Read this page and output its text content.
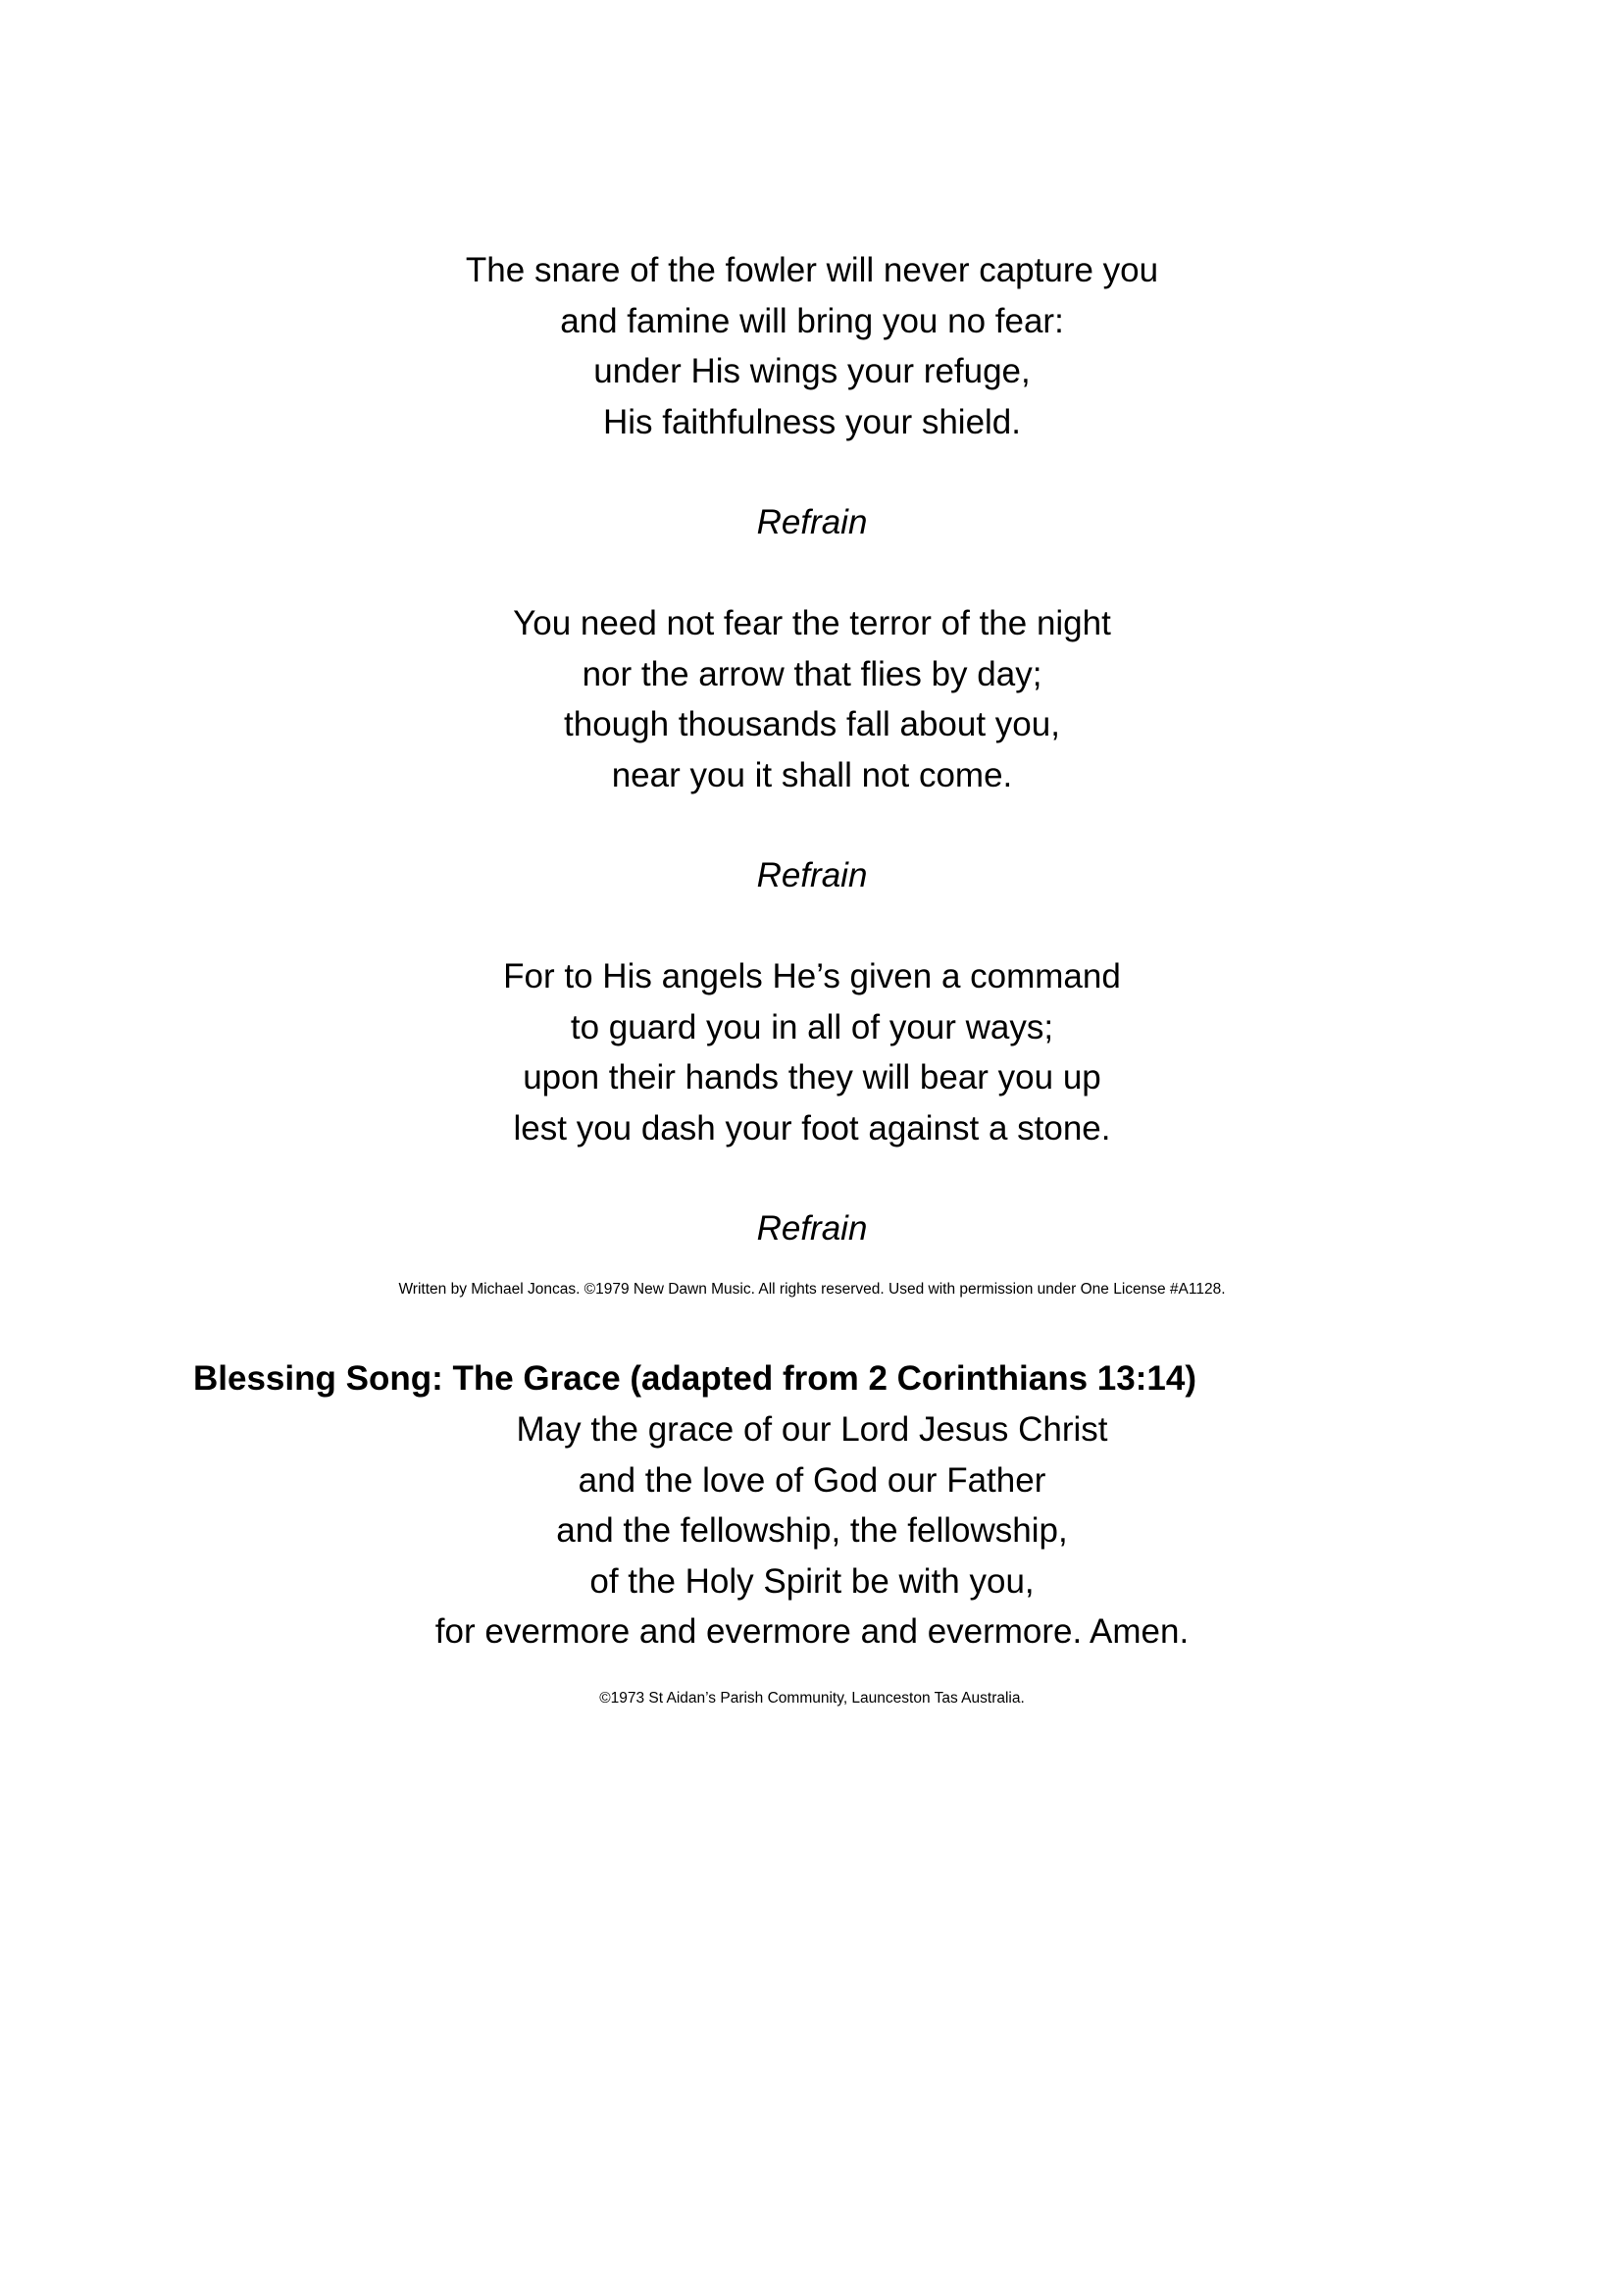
The snare of the fowler will never capture you
and famine will bring you no fear:
under His wings your refuge,
His faithfulness your shield.
Refrain
You need not fear the terror of the night
nor the arrow that flies by day;
though thousands fall about you,
near you it shall not come.
Refrain
For to His angels He’s given a command
to guard you in all of your ways;
upon their hands they will bear you up
lest you dash your foot against a stone.
Refrain
Written by Michael Joncas. ©1979 New Dawn Music. All rights reserved. Used with permission under One License #A1128.
Blessing Song: The Grace (adapted from 2 Corinthians 13:14)
May the grace of our Lord Jesus Christ
and the love of God our Father
and the fellowship, the fellowship,
of the Holy Spirit be with you,
for evermore and evermore and evermore. Amen.
©1973 St Aidan’s Parish Community, Launceston Tas Australia.
